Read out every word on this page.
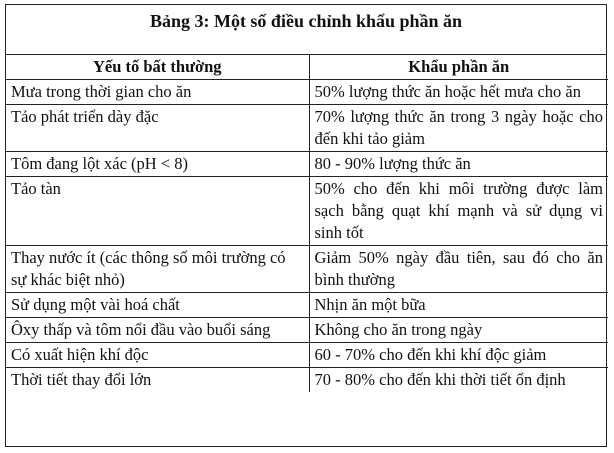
Bảng 3: Một số điều chỉnh khẩu phần ăn
Yếu tố bất thường	Khẩu phần ăn
Mưa trong thời gian cho ăn	50% lượng thức ăn hoặc hết mưa cho ăn
Tảo phát triển dày đặc	70% lượng thức ăn trong 3 ngày hoặc cho đến khi tảo giảm
Tôm đang lột xác (pH < 8)	80 - 90% lượng thức ăn
Tảo tàn	50% cho đến khi môi trường được làm sạch bằng quạt khí mạnh và sử dụng vi sinh tốt
Thay nước ít (các thông số môi trường có sự khác biệt nhỏ)	Giảm 50% ngày đầu tiên, sau đó cho ăn bình thường
Sử dụng một vài hoá chất	Nhịn ăn một bữa
Ôxy thấp và tôm nổi đầu vào buổi sáng	Không cho ăn trong ngày
Có xuất hiện khí độc	60 - 70% cho đến khi khí độc giảm
Thời tiết thay đổi lớn	70 - 80% cho đến khi thời tiết ổn định
